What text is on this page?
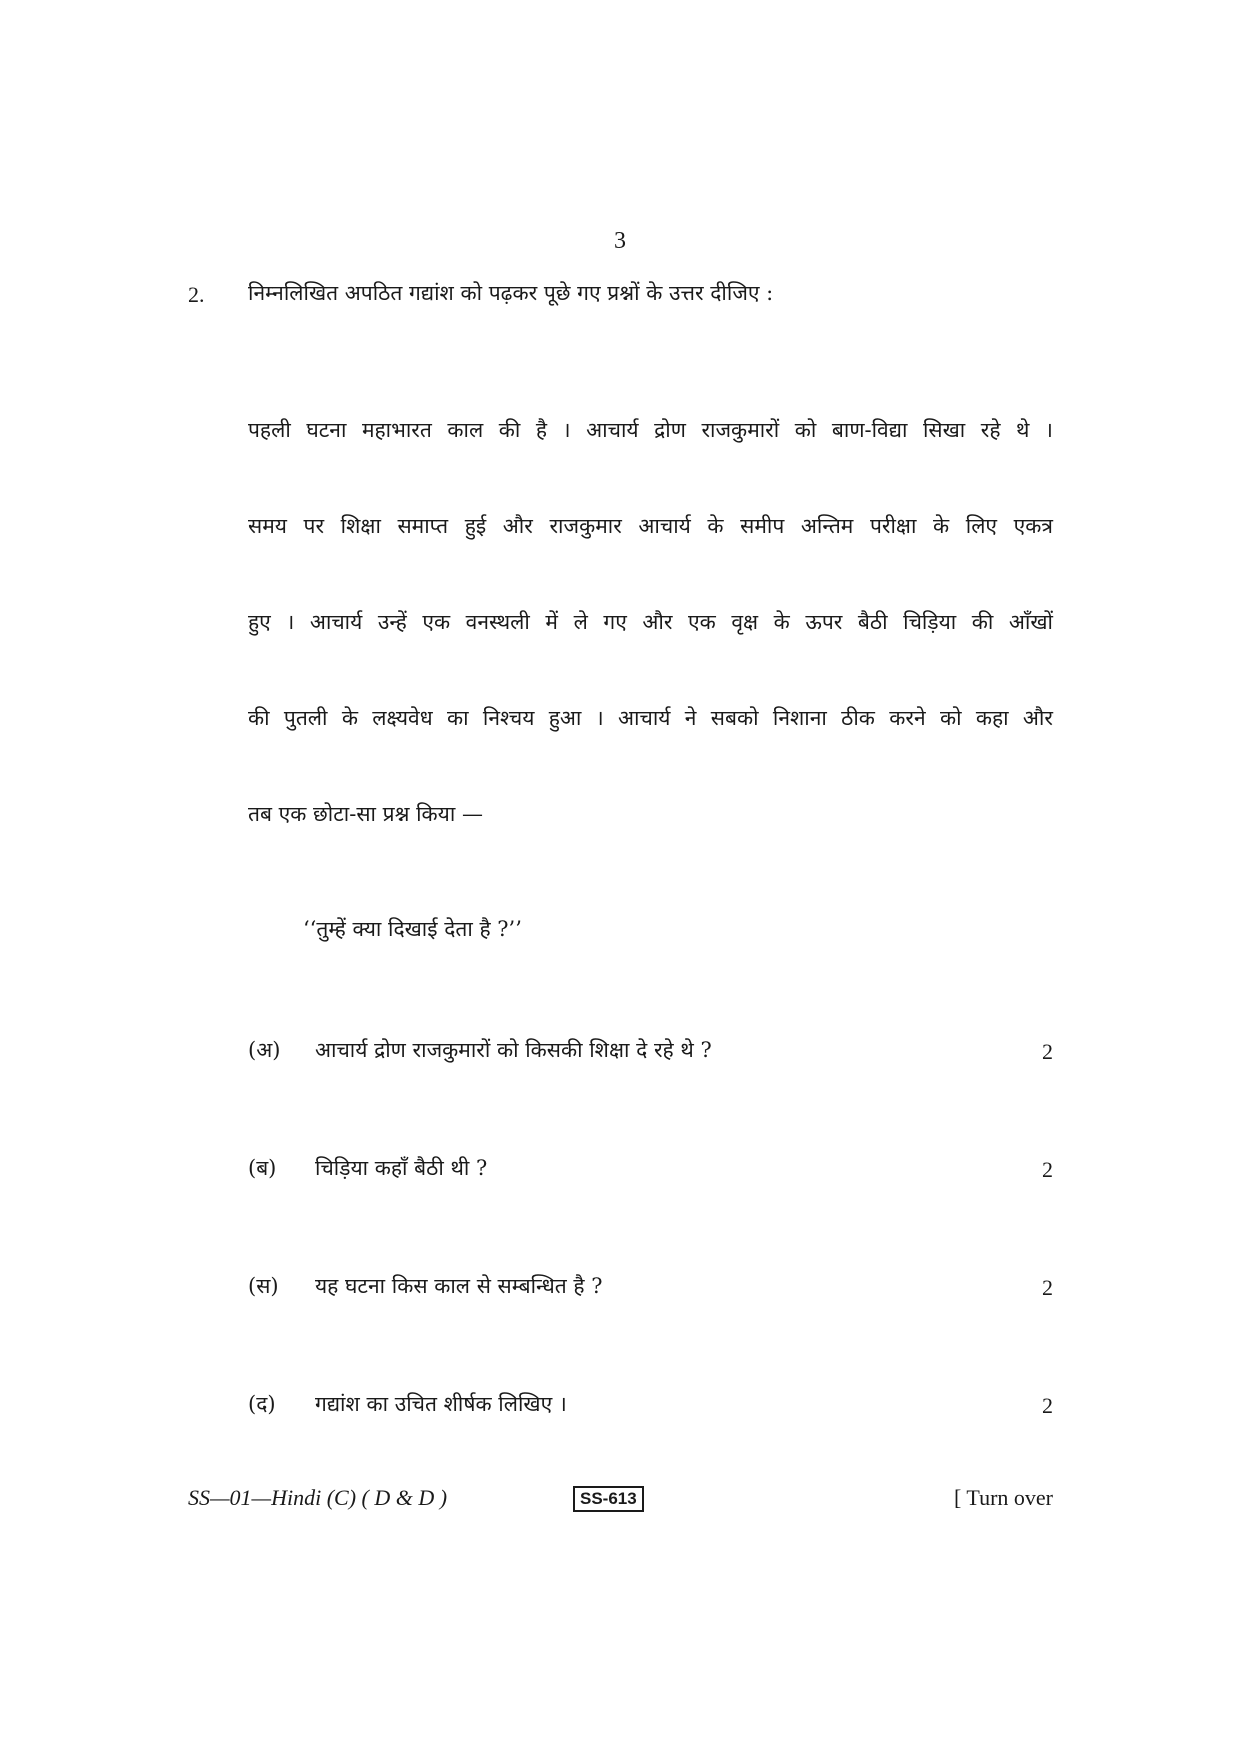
3
2. निम्नलिखित अपठित गद्यांश को पढ़कर पूछे गए प्रश्नों के उत्तर दीजिए :
पहली घटना महाभारत काल की है । आचार्य द्रोण राजकुमारों को बाण-विद्या सिखा रहे थे ।
समय पर शिक्षा समाप्त हुई और राजकुमार आचार्य के समीप अन्तिम परीक्षा के लिए एकत्र
हुए । आचार्य उन्हें एक वनस्थली में ले गए और एक वृक्ष के ऊपर बैठी चिड़िया की आँखों
की पुतली के लक्ष्यवेध का निश्चय हुआ । आचार्य ने सबको निशाना ठीक करने को कहा और
तब एक छोटा-सा प्रश्न किया —
‘‘तुम्हें क्या दिखाई देता है ?’’
(अ) आचार्य द्रोण राजकुमारों को किसकी शिक्षा दे रहे थे ?	2
(ब) चिड़िया कहाँ बैठी थी ?	2
(स) यह घटना किस काल से सम्बन्धित है ?	2
(द) गद्यांश का उचित शीर्षक लिखिए ।	2
SS—01—Hindi (C) ( D & D )	SS-613	[ Turn over
